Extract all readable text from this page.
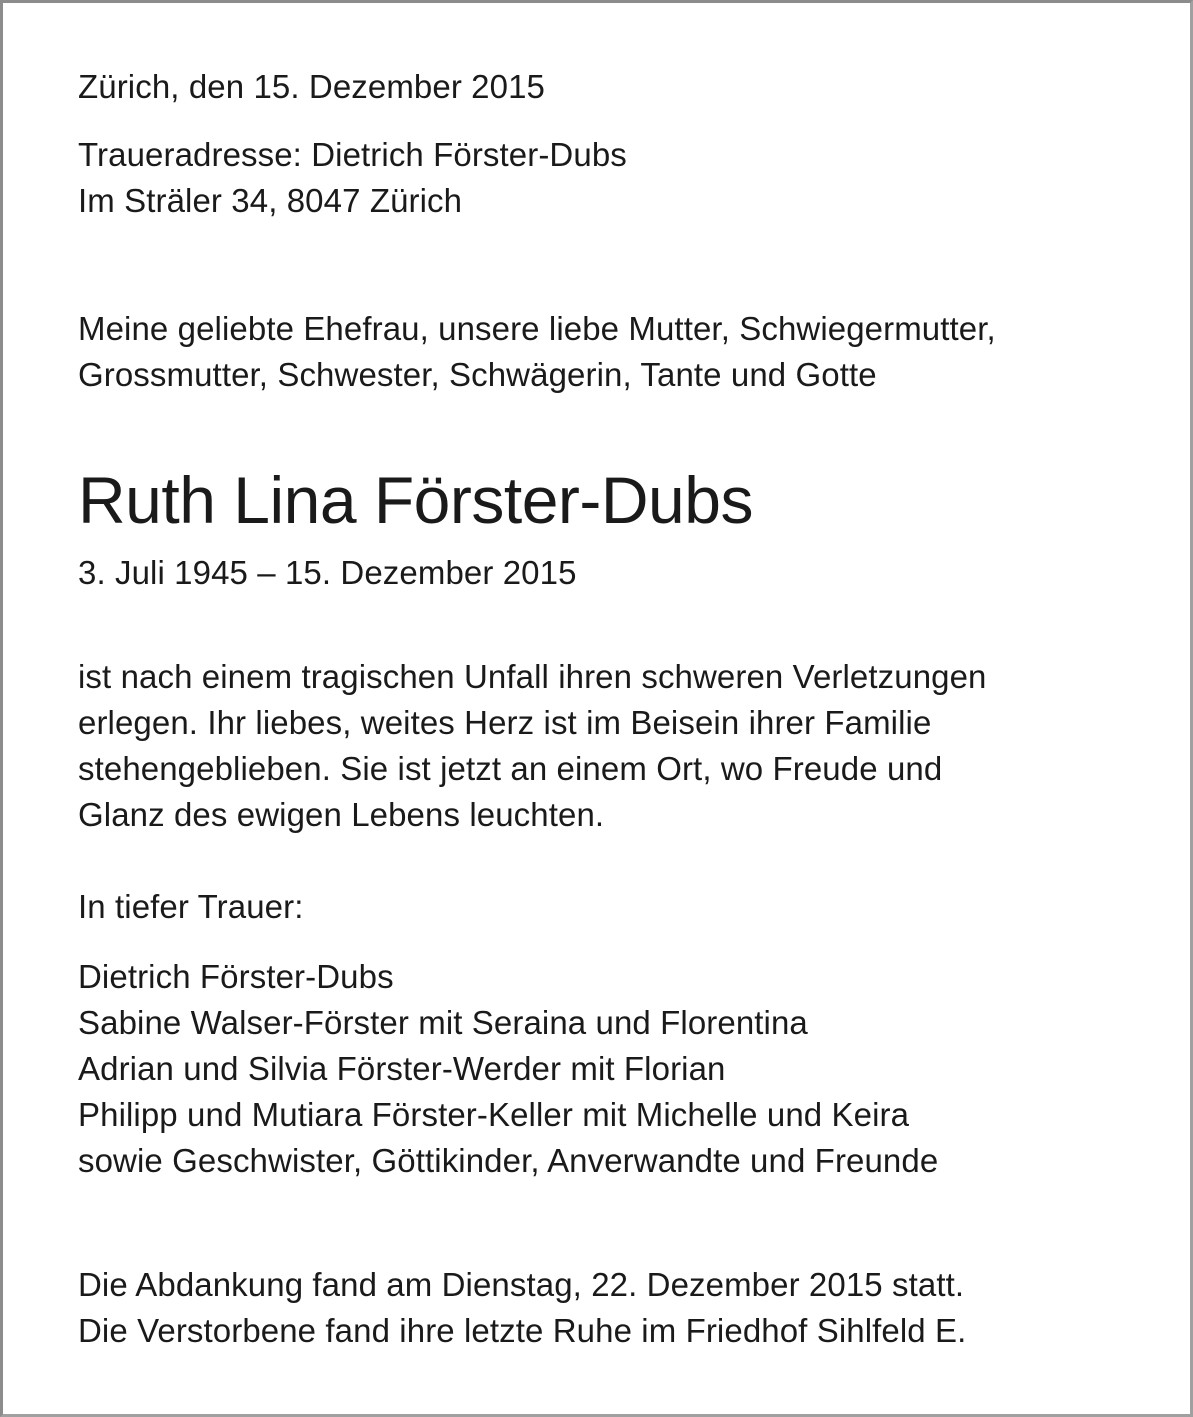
Zürich, den 15. Dezember 2015
Traueradresse: Dietrich Förster-Dubs
Im Sträler 34, 8047 Zürich
Meine geliebte Ehefrau, unsere liebe Mutter, Schwiegermutter,
Grossmutter, Schwester, Schwägerin, Tante und Gotte
Ruth Lina Förster-Dubs
3. Juli 1945 – 15. Dezember 2015
ist nach einem tragischen Unfall ihren schweren Verletzungen
erlegen. Ihr liebes, weites Herz ist im Beisein ihrer Familie
stehengeblieben. Sie ist jetzt an einem Ort, wo Freude und
Glanz des ewigen Lebens leuchten.
In tiefer Trauer:
Dietrich Förster-Dubs
Sabine Walser-Förster mit Seraina und Florentina
Adrian und Silvia Förster-Werder mit Florian
Philipp und Mutiara Förster-Keller mit Michelle und Keira
sowie Geschwister, Göttikinder, Anverwandte und Freunde
Die Abdankung fand am Dienstag, 22. Dezember 2015 statt.
Die Verstorbene fand ihre letzte Ruhe im Friedhof Sihlfeld E.
